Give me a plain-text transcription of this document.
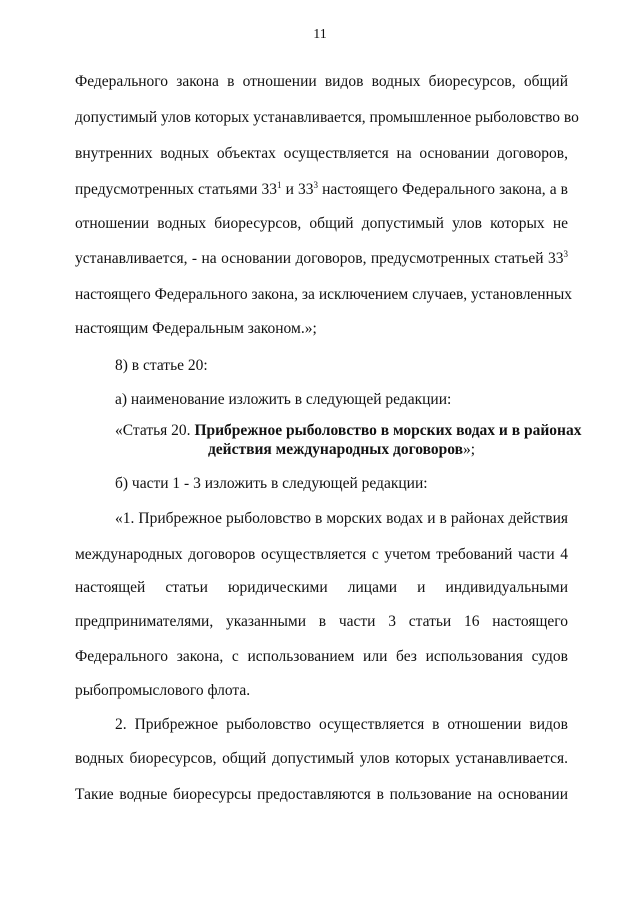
11
Федерального закона в отношении видов водных биоресурсов, общий
допустимый улов которых устанавливается, промышленное рыболовство во
внутренних водных объектах осуществляется на основании договоров,
предусмотренных статьями $33^1$ и $33^3$ настоящего Федерального закона, а в
отношении водных биоресурсов, общий допустимый улов которых не
устанавливается, - на основании договоров, предусмотренных статьей $33^3$
настоящего Федерального закона, за исключением случаев, установленных
настоящим Федеральным законом.»;
8) в статье 20:
а) наименование изложить в следующей редакции:
«Статья 20. Прибрежное рыболовство в морских водах и в районах
действия международных договоров»;
б) части 1 - 3 изложить в следующей редакции:
«1. Прибрежное рыболовство в морских водах и в районах действия
международных договоров осуществляется с учетом требований части 4
настоящей статьи юридическими лицами и индивидуальными
предпринимателями, указанными в части 3 статьи 16 настоящего
Федерального закона, с использованием или без использования судов
рыбопромыслового флота.
2. Прибрежное рыболовство осуществляется в отношении видов
водных биоресурсов, общий допустимый улов которых устанавливается.
Такие водные биоресурсы предоставляются в пользование на основании
